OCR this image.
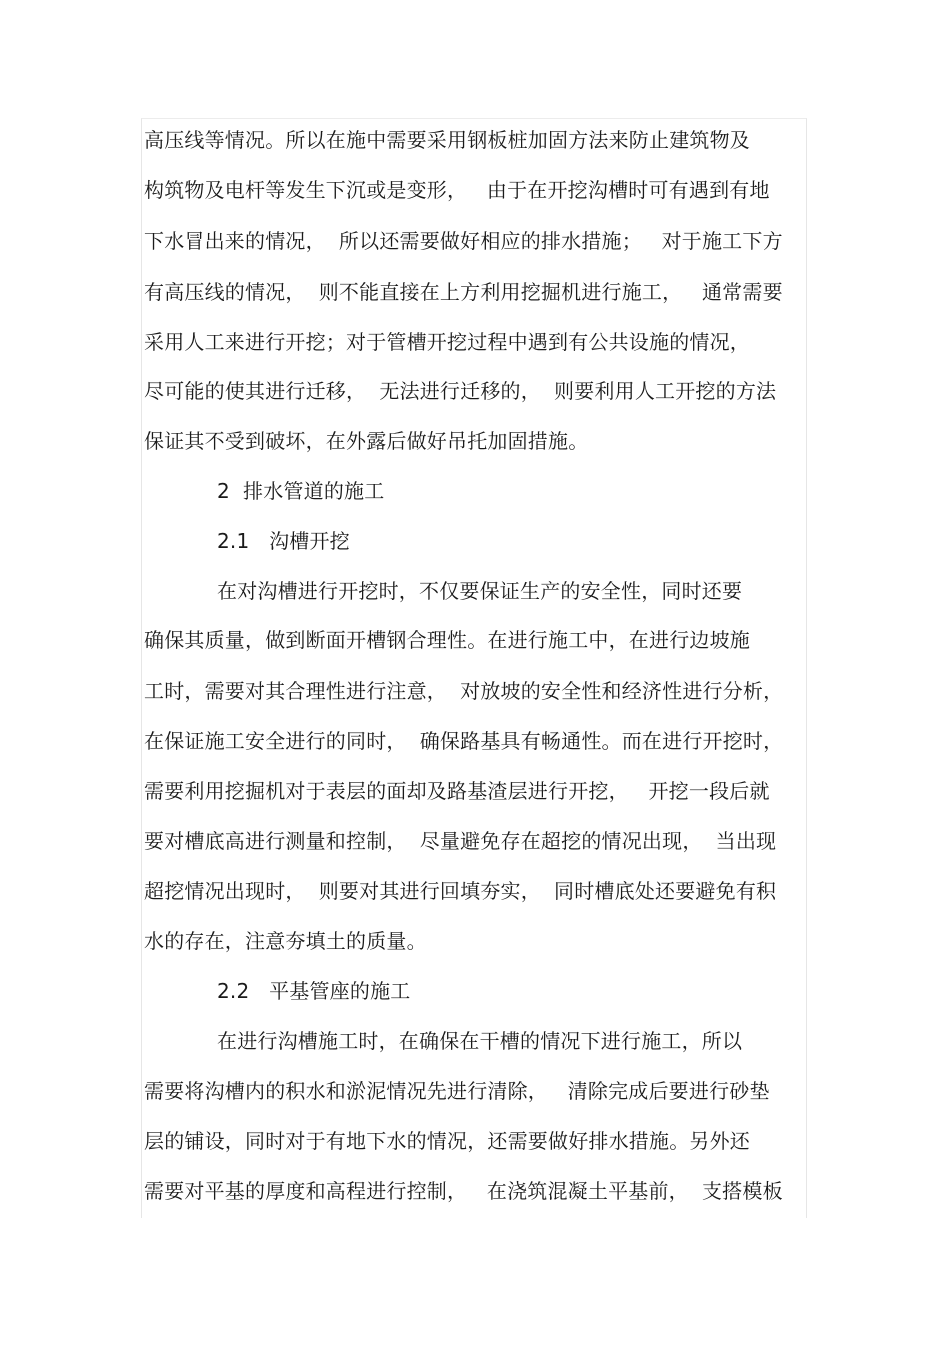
高压线等情况。所以在施中需要采用钢板桩加固方法来防止建筑物及
构筑物及电杆等发生下沉或是变形，   由于在开挖沟槽时可有遇到有地
下水冒出来的情况，  所以还需要做好相应的排水措施；   对于施工下方
有高压线的情况，  则不能直接在上方利用挖掘机进行施工，   通常需要
采用人工来进行开挖；对于管槽开挖过程中遇到有公共设施的情况，
尽可能的使其进行迁移，  无法进行迁移的，  则要利用人工开挖的方法
保证其不受到破坏，在外露后做好吊托加固措施。
2  排水管道的施工
2.1   沟槽开挖
在对沟槽进行开挖时，不仅要保证生产的安全性，同时还要
确保其质量，做到断面开槽钢合理性。在进行施工中，在进行边坡施
工时，需要对其合理性进行注意，  对放坡的安全性和经济性进行分析，
在保证施工安全进行的同时，  确保路基具有畅通性。而在进行开挖时，
需要利用挖掘机对于表层的面却及路基渣层进行开挖，   开挖一段后就
要对槽底高进行测量和控制，  尽量避免存在超挖的情况出现，  当出现
超挖情况出现时，  则要对其进行回填夯实，  同时槽底处还要避免有积
水的存在，注意夯填土的质量。
2.2   平基管座的施工
在进行沟槽施工时，在确保在干槽的情况下进行施工，所以
需要将沟槽内的积水和淤泥情况先进行清除，   清除完成后要进行砂垫
层的铺设，同时对于有地下水的情况，还需要做好排水措施。另外还
需要对平基的厚度和高程进行控制，   在浇筑混凝土平基前，  支搭模板
